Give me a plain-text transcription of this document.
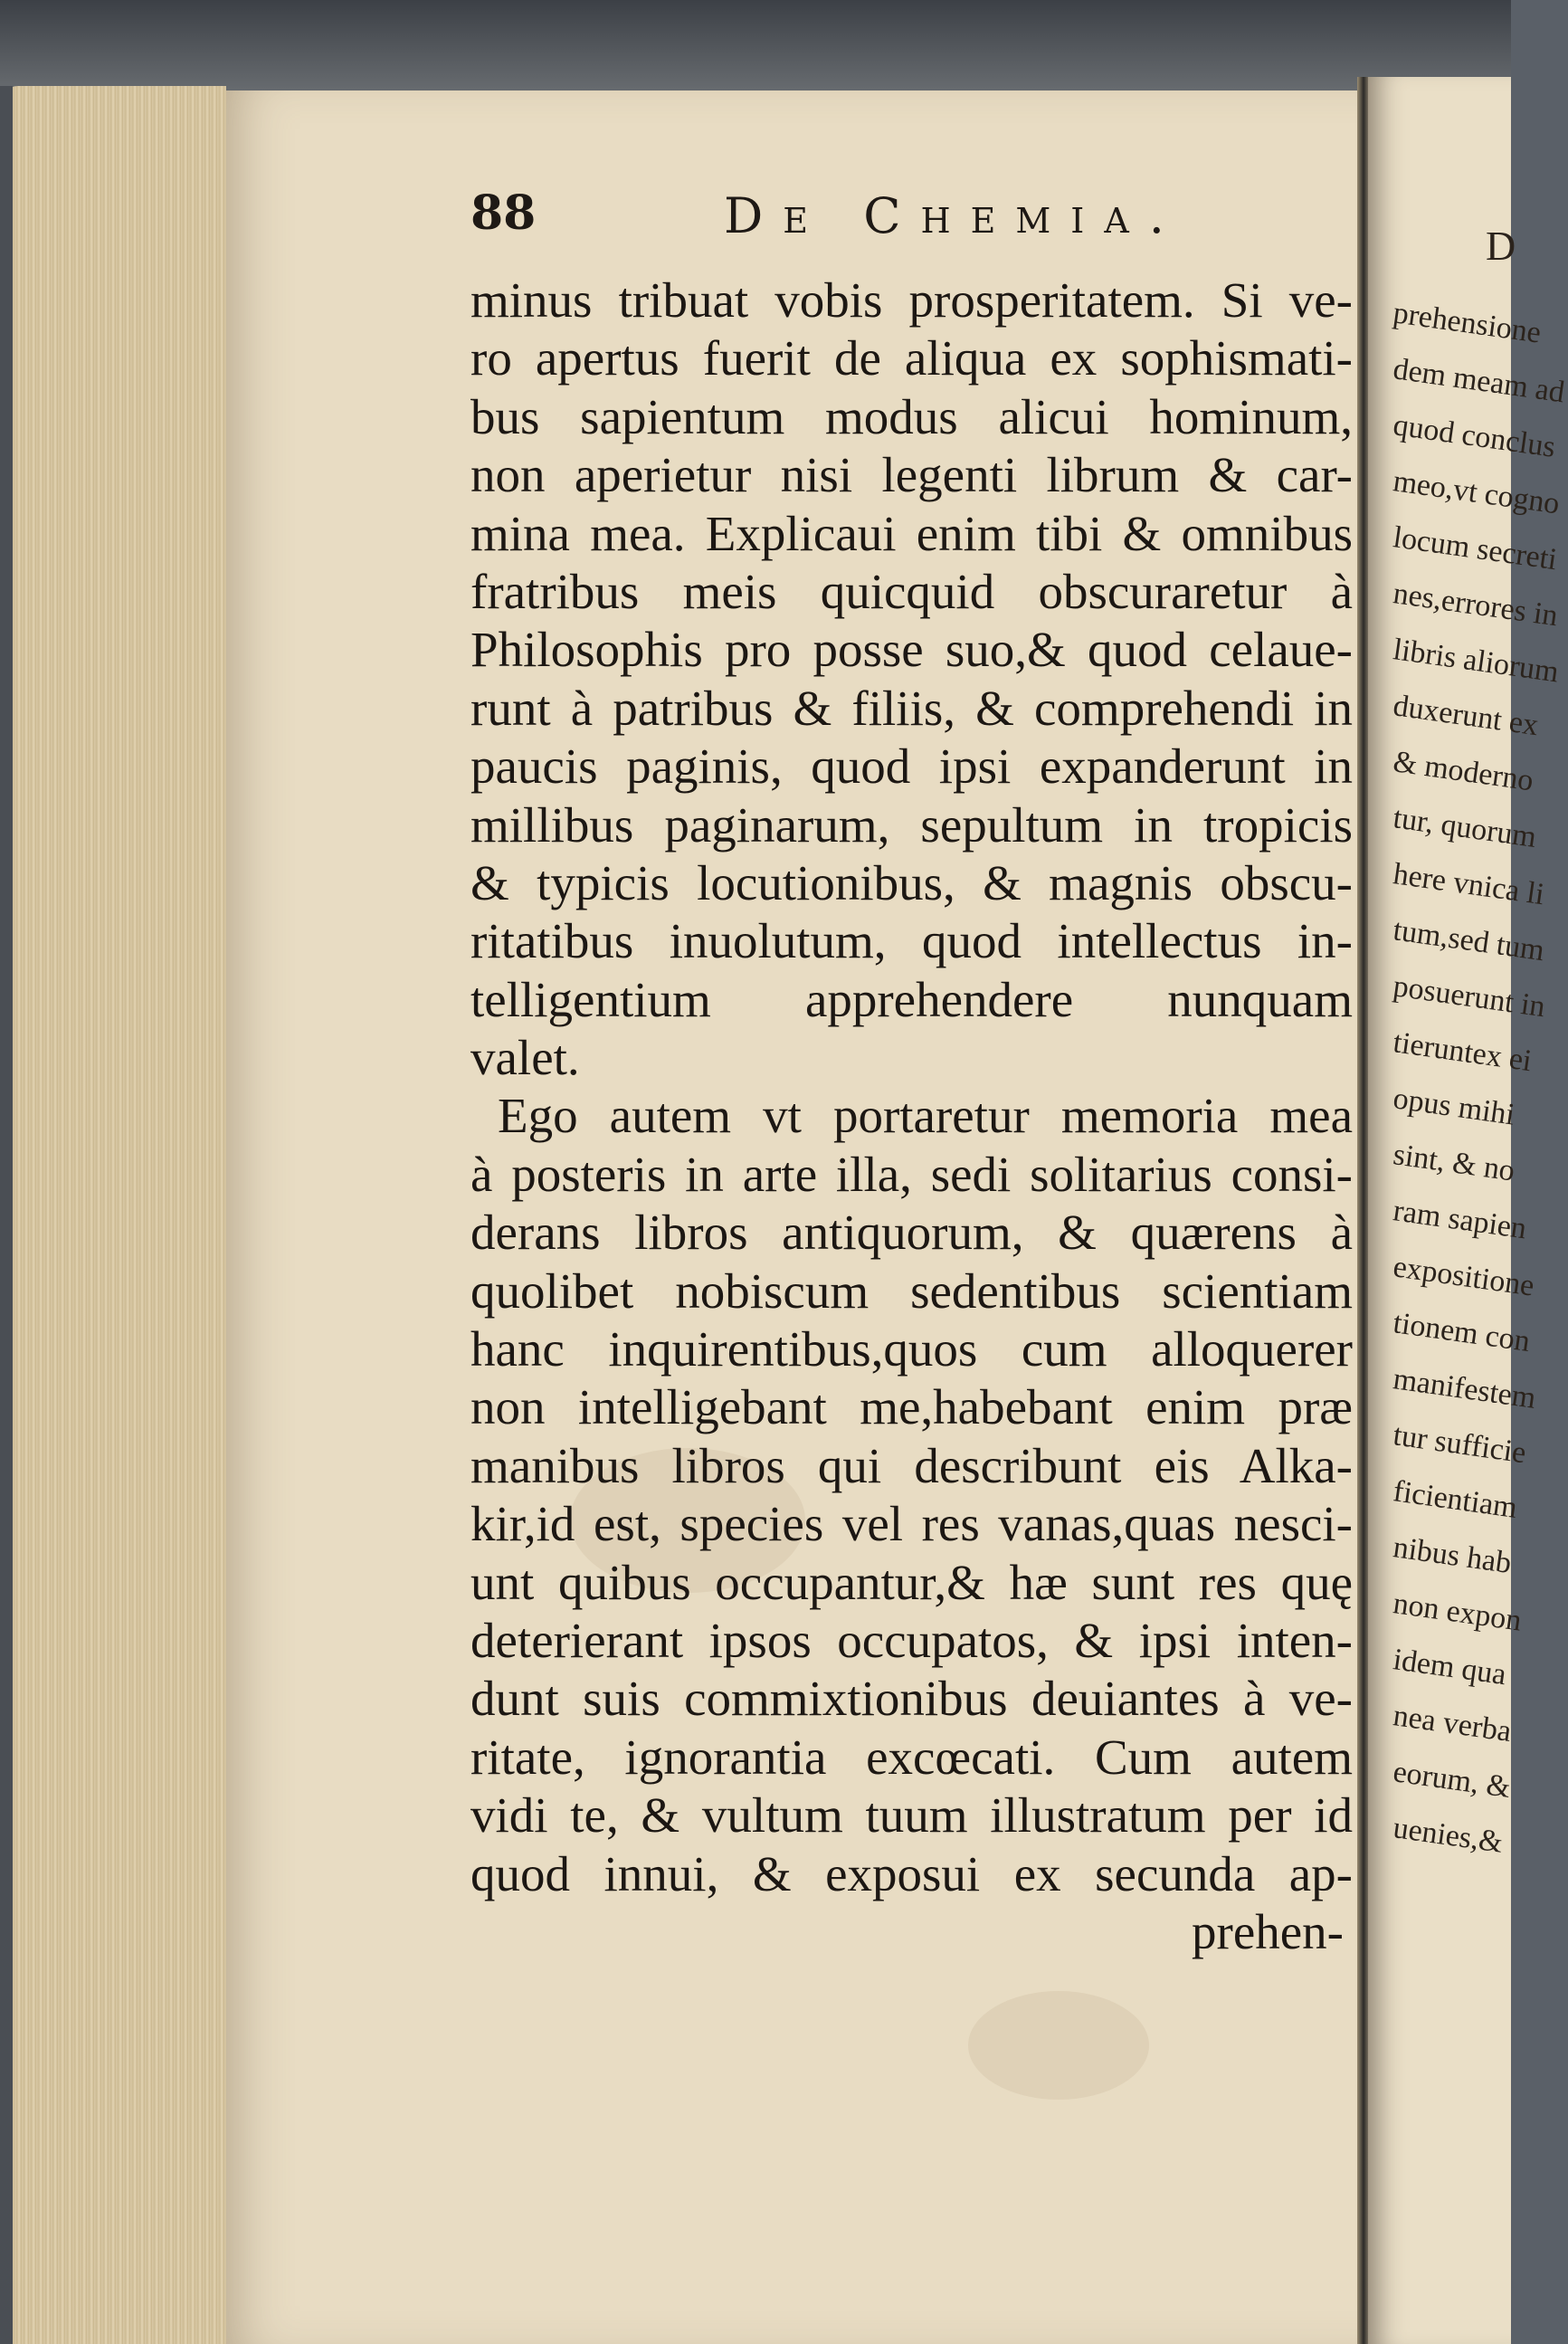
D
prehensione
dem meam ad
quod conclus
meo,vt cogno
locum secreti
nes,errores in
libris aliorum
duxerunt ex
& moderno
tur, quorum
here vnica li
tum,sed tum
posuerunt in
tieruntex ei
opus mihi
sint, & no
ram sapien
expositione
tionem con
manifestem
tur sufficie
ficientiam
nibus hab
non expon
idem qua
nea verba
eorum, &
uenies,&
88	De Chemia.
minus tribuat vobis prosperitatem. Si ve-
ro apertus fuerit de aliqua ex sophismati-
bus sapientum modus alicui hominum,
non aperietur nisi legenti librum & car-
mina mea. Explicaui enim tibi & omnibus
fratribus meis quicquid obscuraretur à
Philosophis pro posse suo,& quod celaue-
runt à patribus & filiis, & comprehendi in
paucis paginis, quod ipsi expanderunt in
millibus paginarum, sepultum in tropicis
& typicis locutionibus, & magnis obscu-
ritatibus inuolutum, quod intellectus in-
telligentium apprehendere nunquam
valet.
Ego autem vt portaretur memoria mea
à posteris in arte illa, sedi solitarius consi-
derans libros antiquorum, & quærens à
quolibet nobiscum sedentibus scientiam
hanc inquirentibus,quos cum alloquerer
non intelligebant me,habebant enim præ
manibus libros qui describunt eis Alka-
kir,id est, species vel res vanas,quas nesci-
unt quibus occupantur,& hæ sunt res quę
deterierant ipsos occupatos, & ipsi inten-
dunt suis commixtionibus deuiantes à ve-
ritate, ignorantia excœcati. Cum autem
vidi te, & vultum tuum illustratum per id
quod innui, & exposui ex secunda ap-
prehen-
